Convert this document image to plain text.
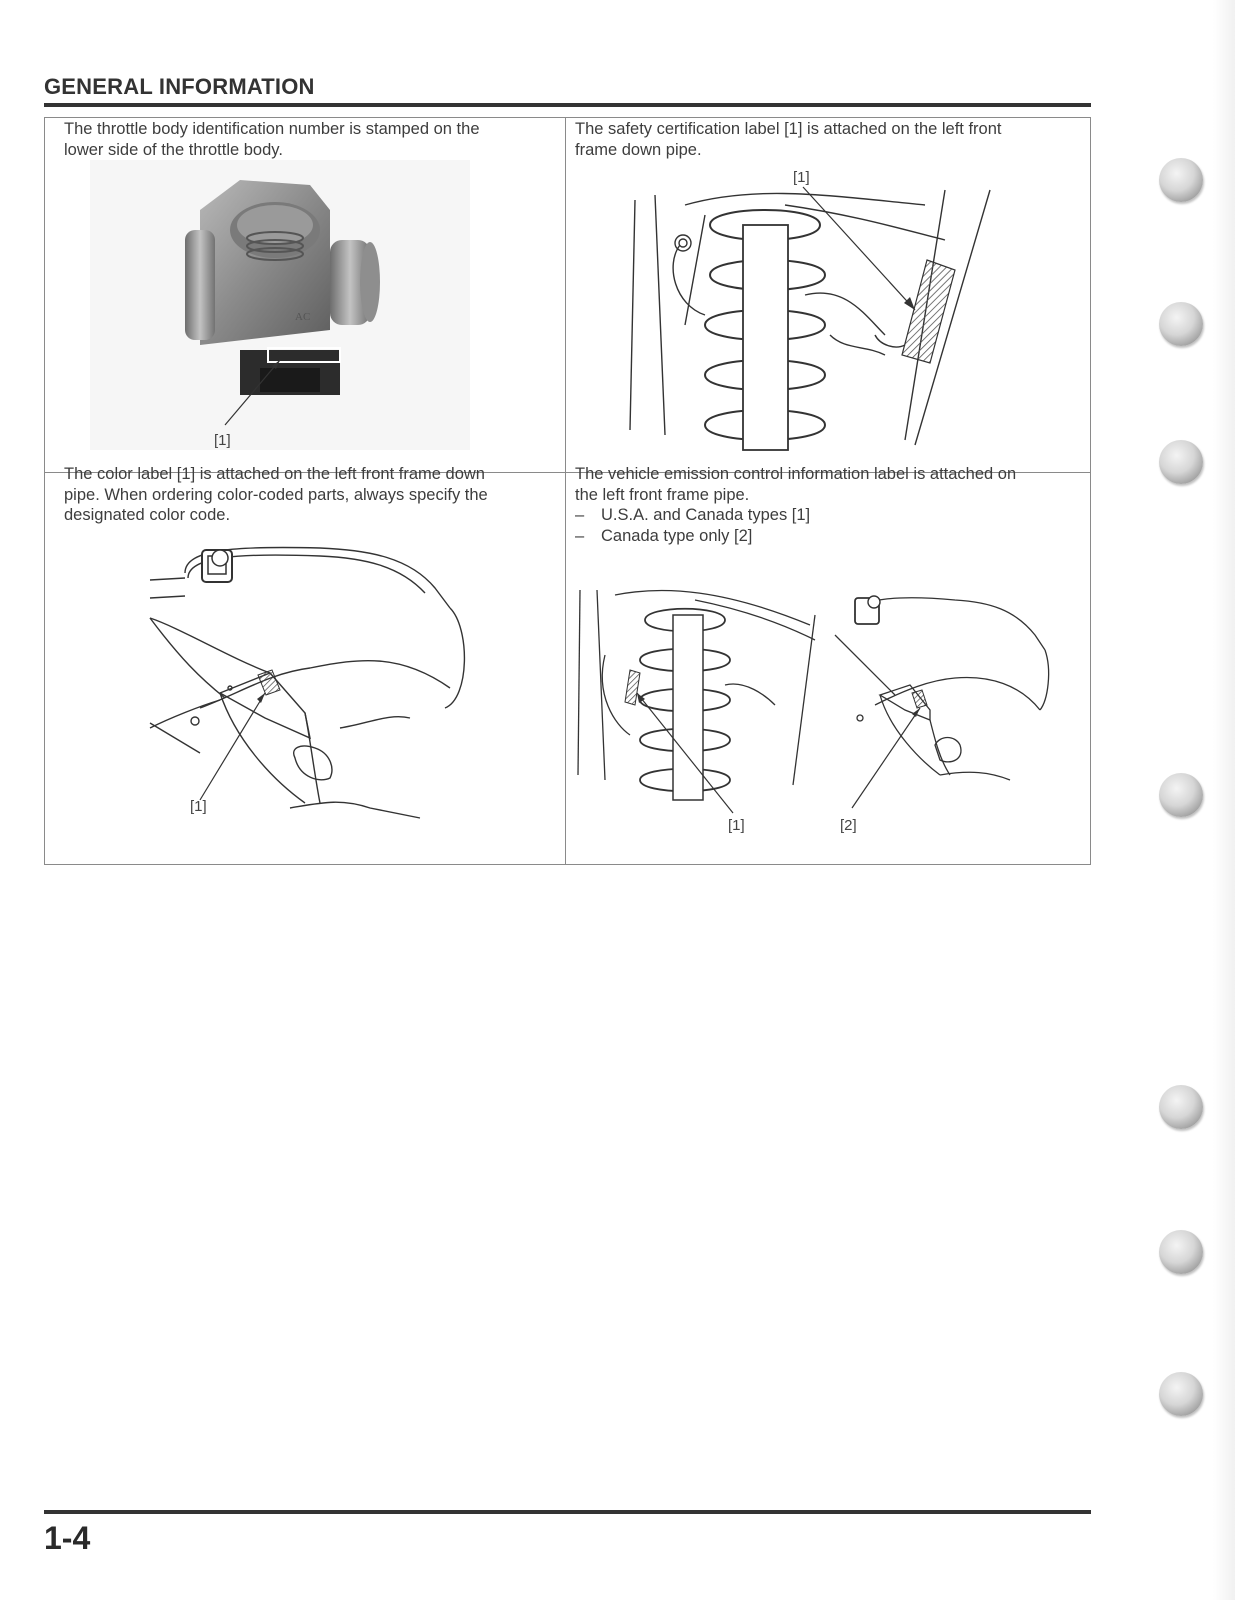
GENERAL INFORMATION
The throttle body identification number is stamped on the
lower side of the throttle body.
AC
[1]
The safety certification label [1] is attached on the left front
frame down pipe.
[1]
The color label [1] is attached on the left front frame down
pipe. When ordering color-coded parts, always specify the
designated color code.
[1]
The vehicle emission control information label is attached on
the left front frame pipe.
– U.S.A. and Canada types [1]
– Canada type only [2]
[1]	[2]
1-4
